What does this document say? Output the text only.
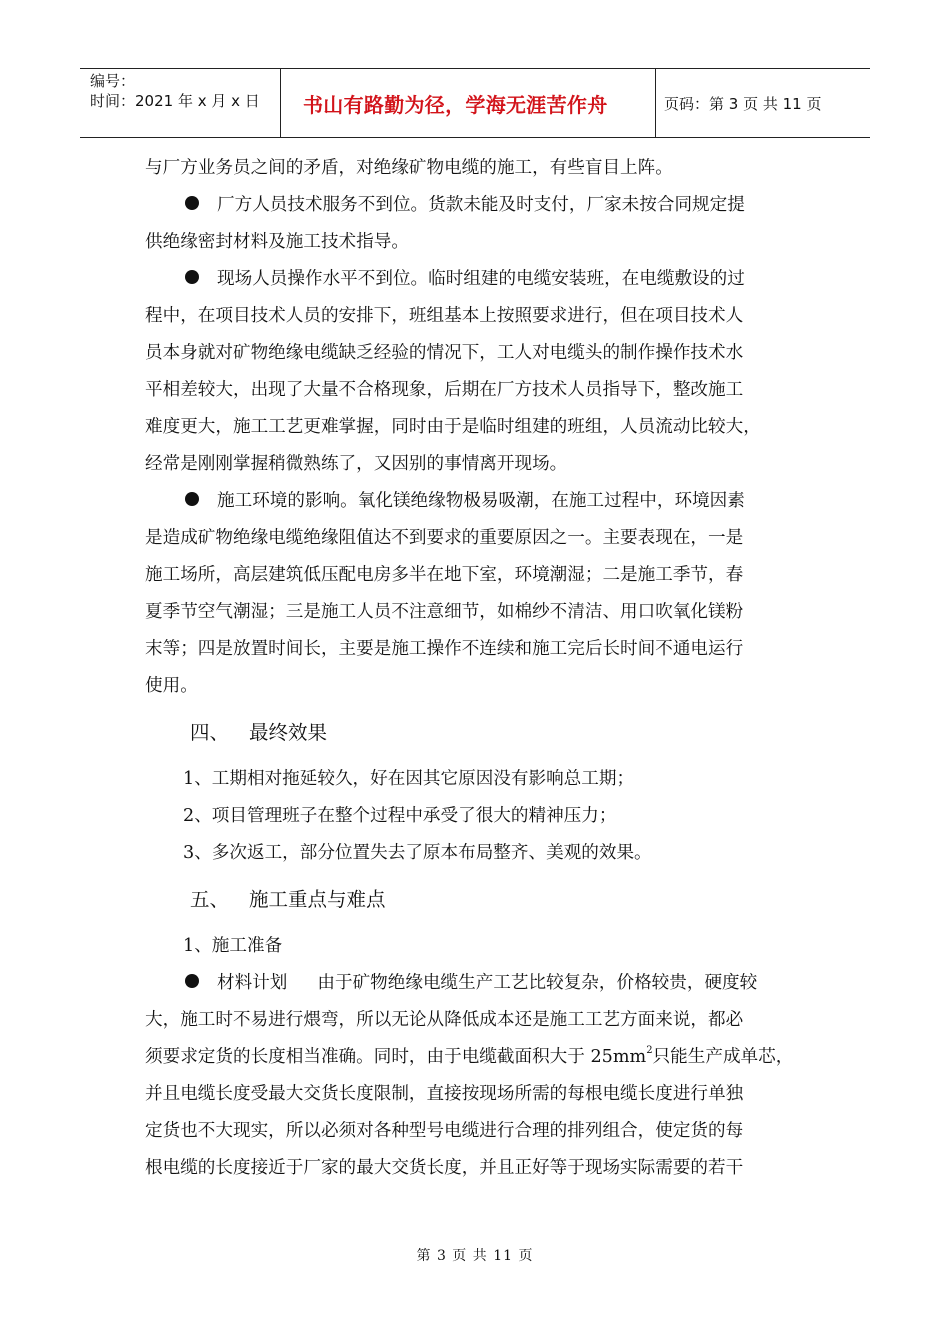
编号：
时间：2021 年 x 月 x 日	书山有路勤为径，学海无涯苦作舟	页码：第 3 页 共 11 页
与厂方业务员之间的矛盾，对绝缘矿物电缆的施工，有些盲目上阵。
厂方人员技术服务不到位。货款未能及时支付，厂家未按合同规定提
供绝缘密封材料及施工技术指导。
现场人员操作水平不到位。临时组建的电缆安装班，在电缆敷设的过
程中，在项目技术人员的安排下，班组基本上按照要求进行，但在项目技术人
员本身就对矿物绝缘电缆缺乏经验的情况下，工人对电缆头的制作操作技术水
平相差较大，出现了大量不合格现象，后期在厂方技术人员指导下，整改施工
难度更大，施工工艺更难掌握，同时由于是临时组建的班组，人员流动比较大，
经常是刚刚掌握稍微熟练了，又因别的事情离开现场。
施工环境的影响。氧化镁绝缘物极易吸潮，在施工过程中，环境因素
是造成矿物绝缘电缆绝缘阻值达不到要求的重要原因之一。主要表现在，一是
施工场所，高层建筑低压配电房多半在地下室，环境潮湿；二是施工季节，春
夏季节空气潮湿；三是施工人员不注意细节，如棉纱不清洁、用口吹氧化镁粉
末等；四是放置时间长，主要是施工操作不连续和施工完后长时间不通电运行
使用。
四、 最终效果
1、工期相对拖延较久，好在因其它原因没有影响总工期；
2、项目管理班子在整个过程中承受了很大的精神压力；
3、多次返工，部分位置失去了原本布局整齐、美观的效果。
五、 施工重点与难点
1、施工准备
材料计划 由于矿物绝缘电缆生产工艺比较复杂，价格较贵，硬度较
大，施工时不易进行煨弯，所以无论从降低成本还是施工工艺方面来说，都必
须要求定货的长度相当准确。同时，由于电缆截面积大于 $25mm^2$只能生产成单芯，
并且电缆长度受最大交货长度限制，直接按现场所需的每根电缆长度进行单独
定货也不大现实，所以必须对各种型号电缆进行合理的排列组合，使定货的每
根电缆的长度接近于厂家的最大交货长度，并且正好等于现场实际需要的若干
第 3 页 共 11 页
